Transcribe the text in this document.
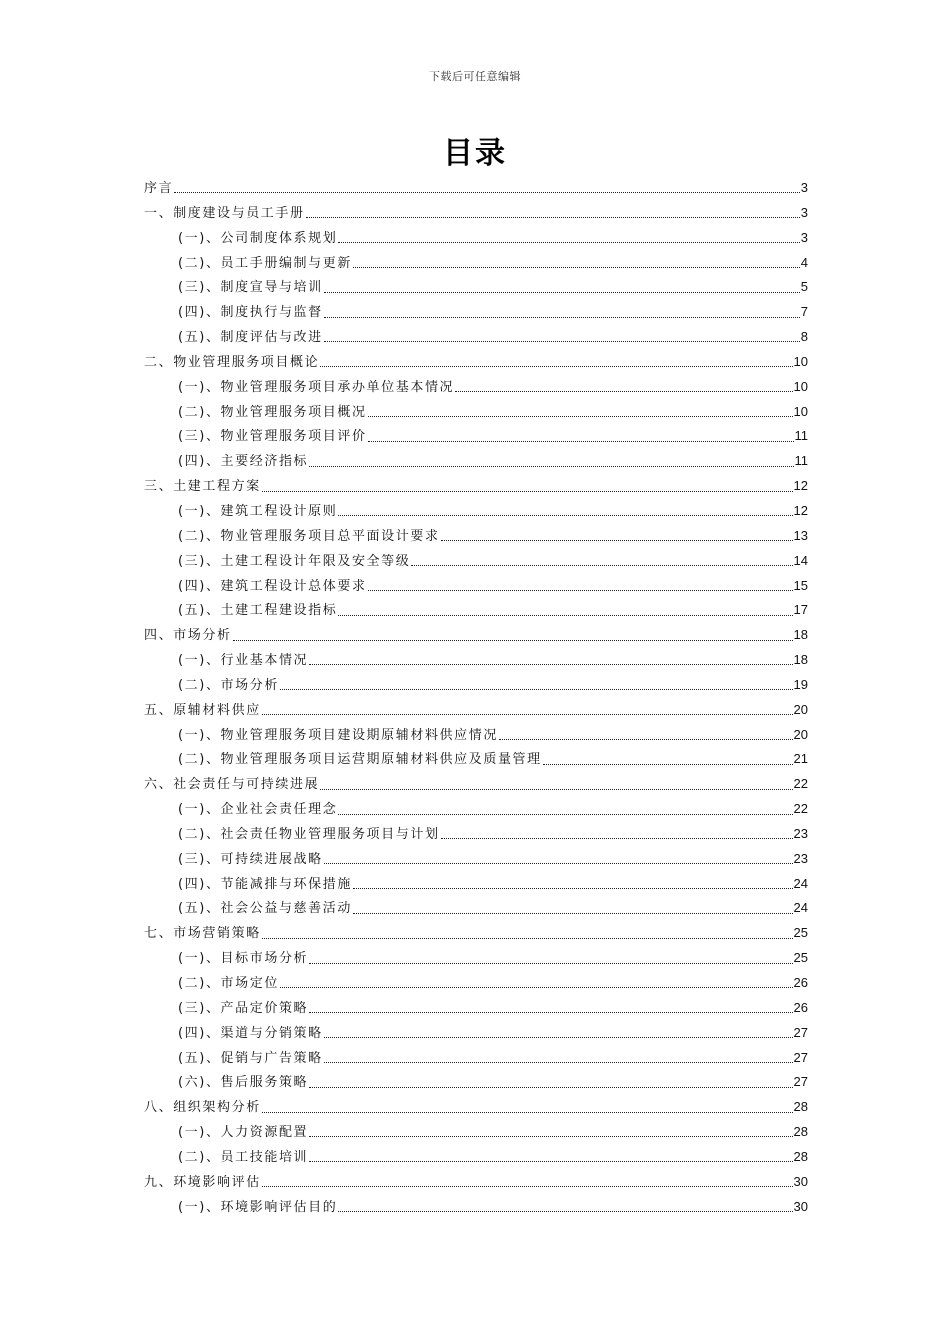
下载后可任意编辑
目录
序言	3
一、制度建设与员工手册	3
(一)、公司制度体系规划	3
(二)、员工手册编制与更新	4
(三)、制度宣导与培训	5
(四)、制度执行与监督	7
(五)、制度评估与改进	8
二、物业管理服务项目概论	10
(一)、物业管理服务项目承办单位基本情况	10
(二)、物业管理服务项目概况	10
(三)、物业管理服务项目评价	11
(四)、主要经济指标	11
三、土建工程方案	12
(一)、建筑工程设计原则	12
(二)、物业管理服务项目总平面设计要求	13
(三)、土建工程设计年限及安全等级	14
(四)、建筑工程设计总体要求	15
(五)、土建工程建设指标	17
四、市场分析	18
(一)、行业基本情况	18
(二)、市场分析	19
五、原辅材料供应	20
(一)、物业管理服务项目建设期原辅材料供应情况	20
(二)、物业管理服务项目运营期原辅材料供应及质量管理	21
六、社会责任与可持续进展	22
(一)、企业社会责任理念	22
(二)、社会责任物业管理服务项目与计划	23
(三)、可持续进展战略	23
(四)、节能减排与环保措施	24
(五)、社会公益与慈善活动	24
七、市场营销策略	25
(一)、目标市场分析	25
(二)、市场定位	26
(三)、产品定价策略	26
(四)、渠道与分销策略	27
(五)、促销与广告策略	27
(六)、售后服务策略	27
八、组织架构分析	28
(一)、人力资源配置	28
(二)、员工技能培训	28
九、环境影响评估	30
(一)、环境影响评估目的	30
